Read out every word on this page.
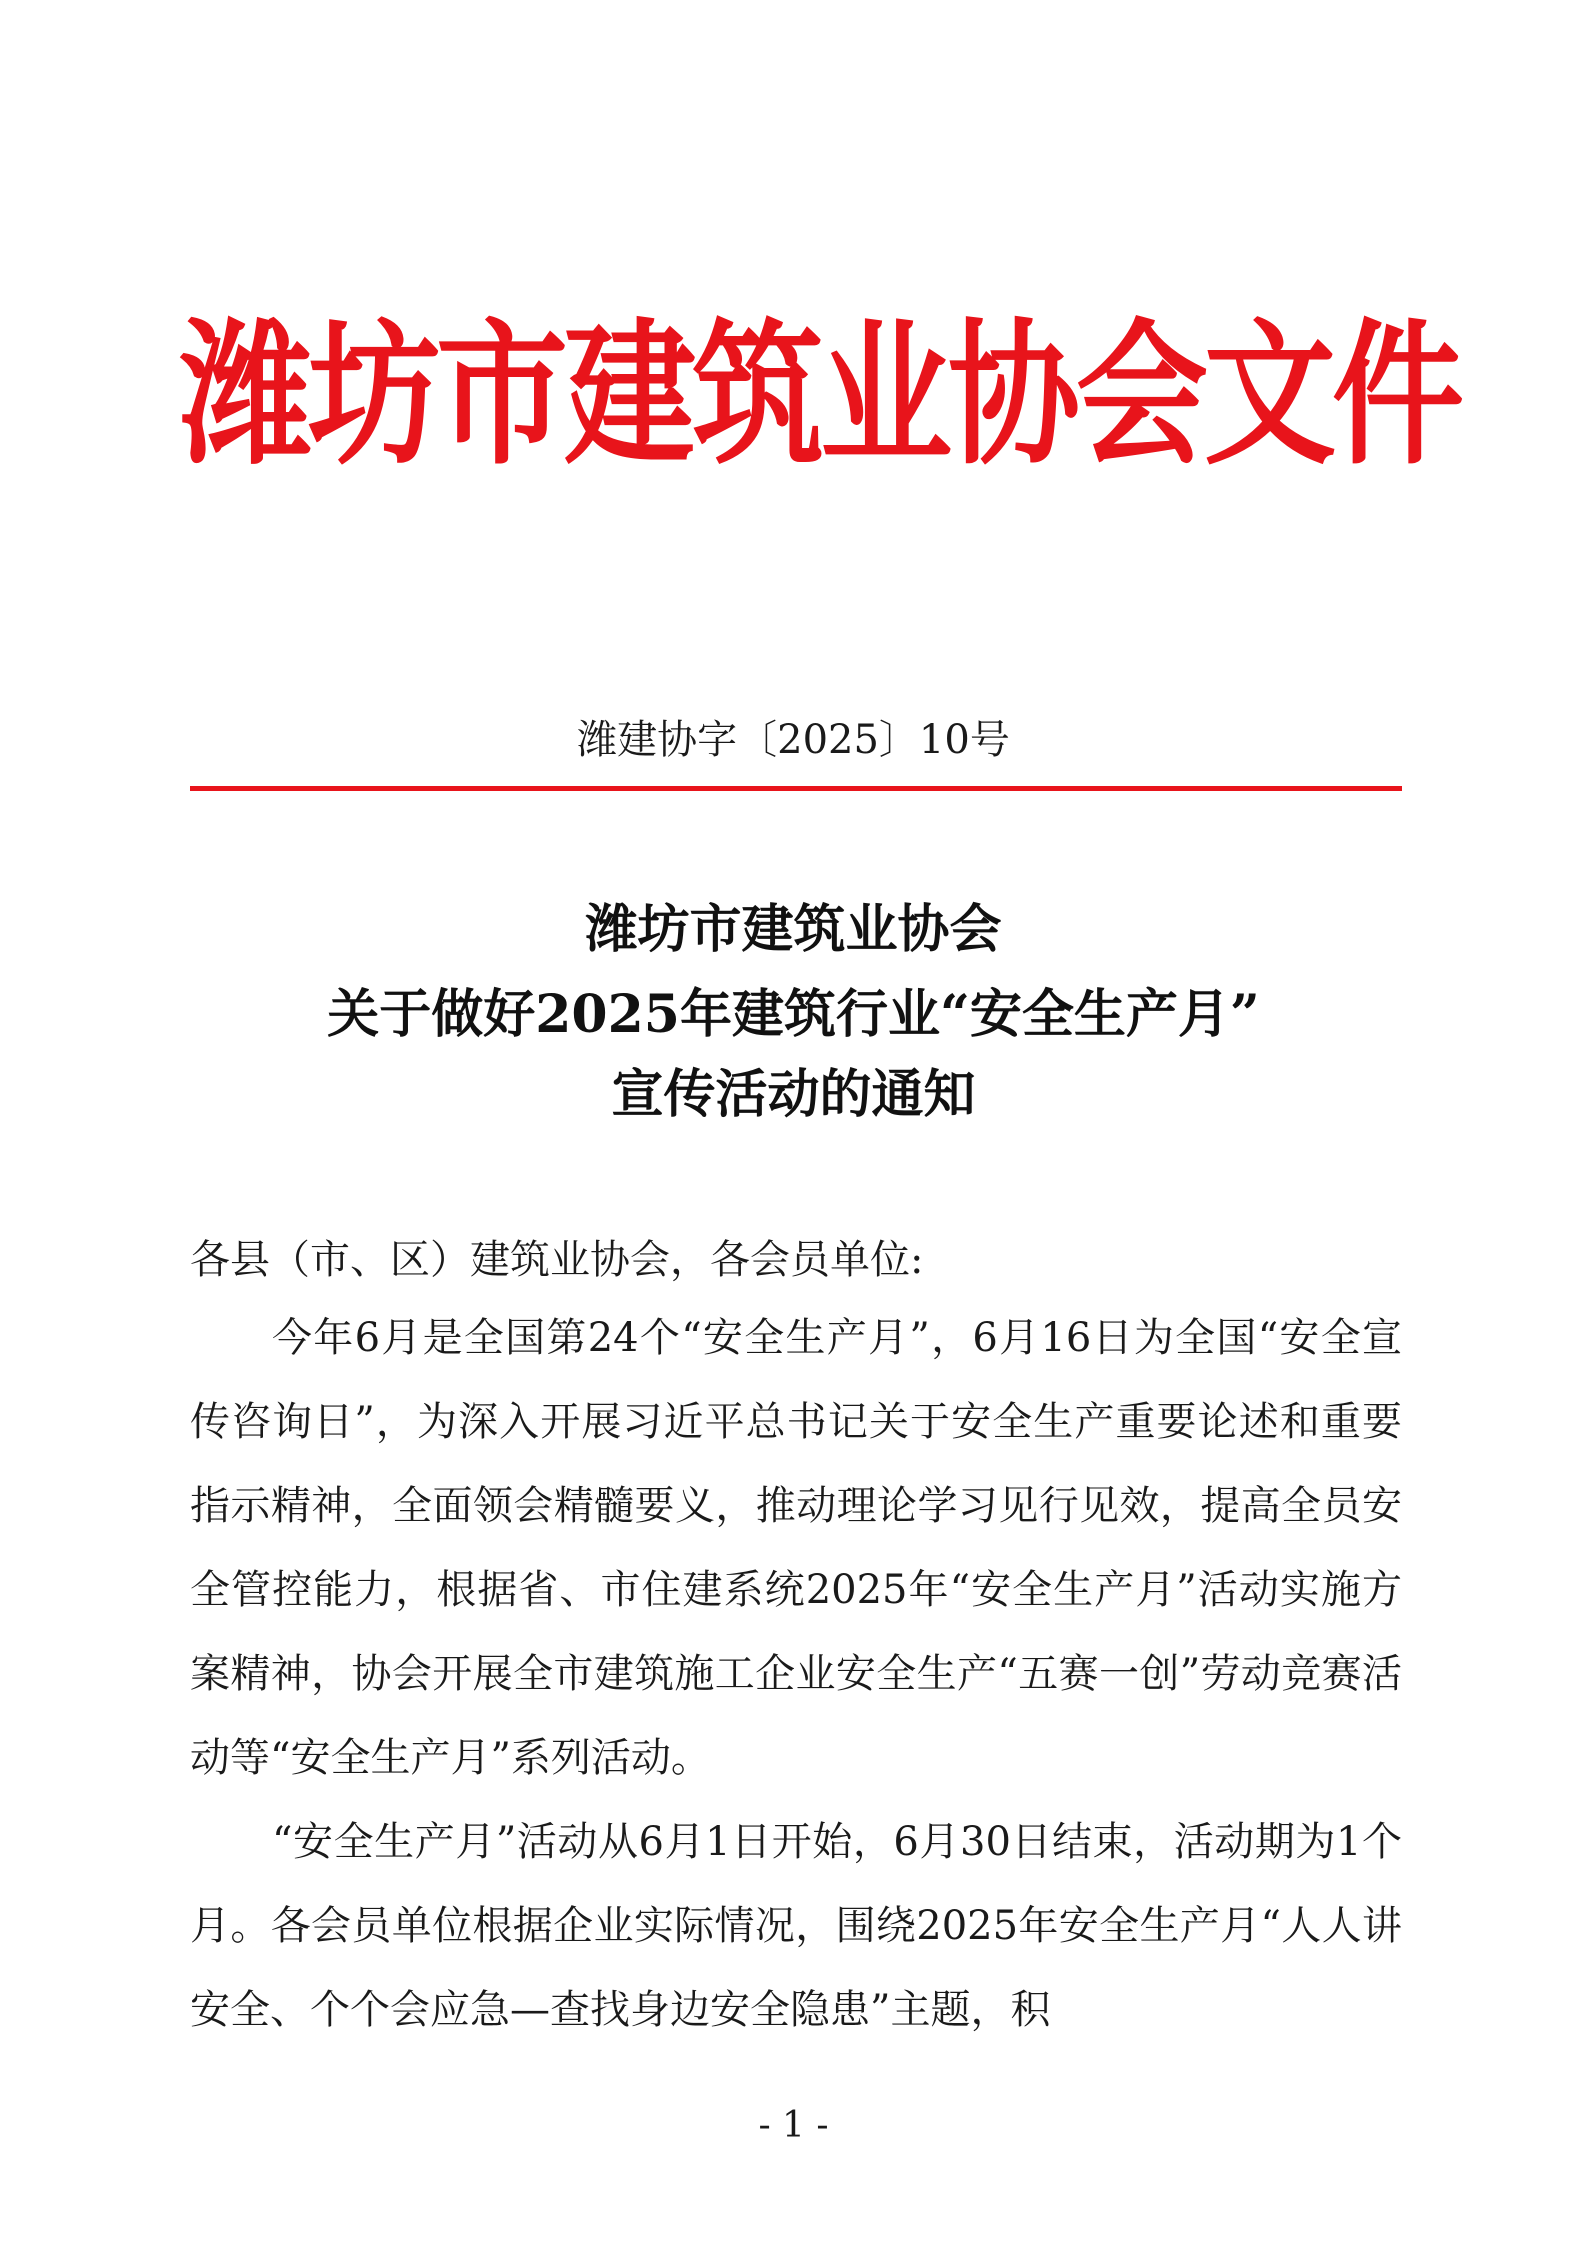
潍坊市建筑业协会文件
潍建协字〔2025〕10号
潍坊市建筑业协会
关于做好2025年建筑行业“安全生产月”
宣传活动的通知
各县（市、区）建筑业协会，各会员单位:
今年6月是全国第24个“安全生产月”，6月16日为全国“安全宣传咨询日”，为深入开展习近平总书记关于安全生产重要论述和重要指示精神，全面领会精髓要义，推动理论学习见行见效，提高全员安全管控能力，根据省、市住建系统2025年“安全生产月”活动实施方案精神，协会开展全市建筑施工企业安全生产“五赛一创”劳动竞赛活动等“安全生产月”系列活动。
“安全生产月”活动从6月1日开始，6月30日结束，活动期为1个月。各会员单位根据企业实际情况，围绕2025年安全生产月“人人讲安全、个个会应急—查找身边安全隐患”主题，积
- 1 -
